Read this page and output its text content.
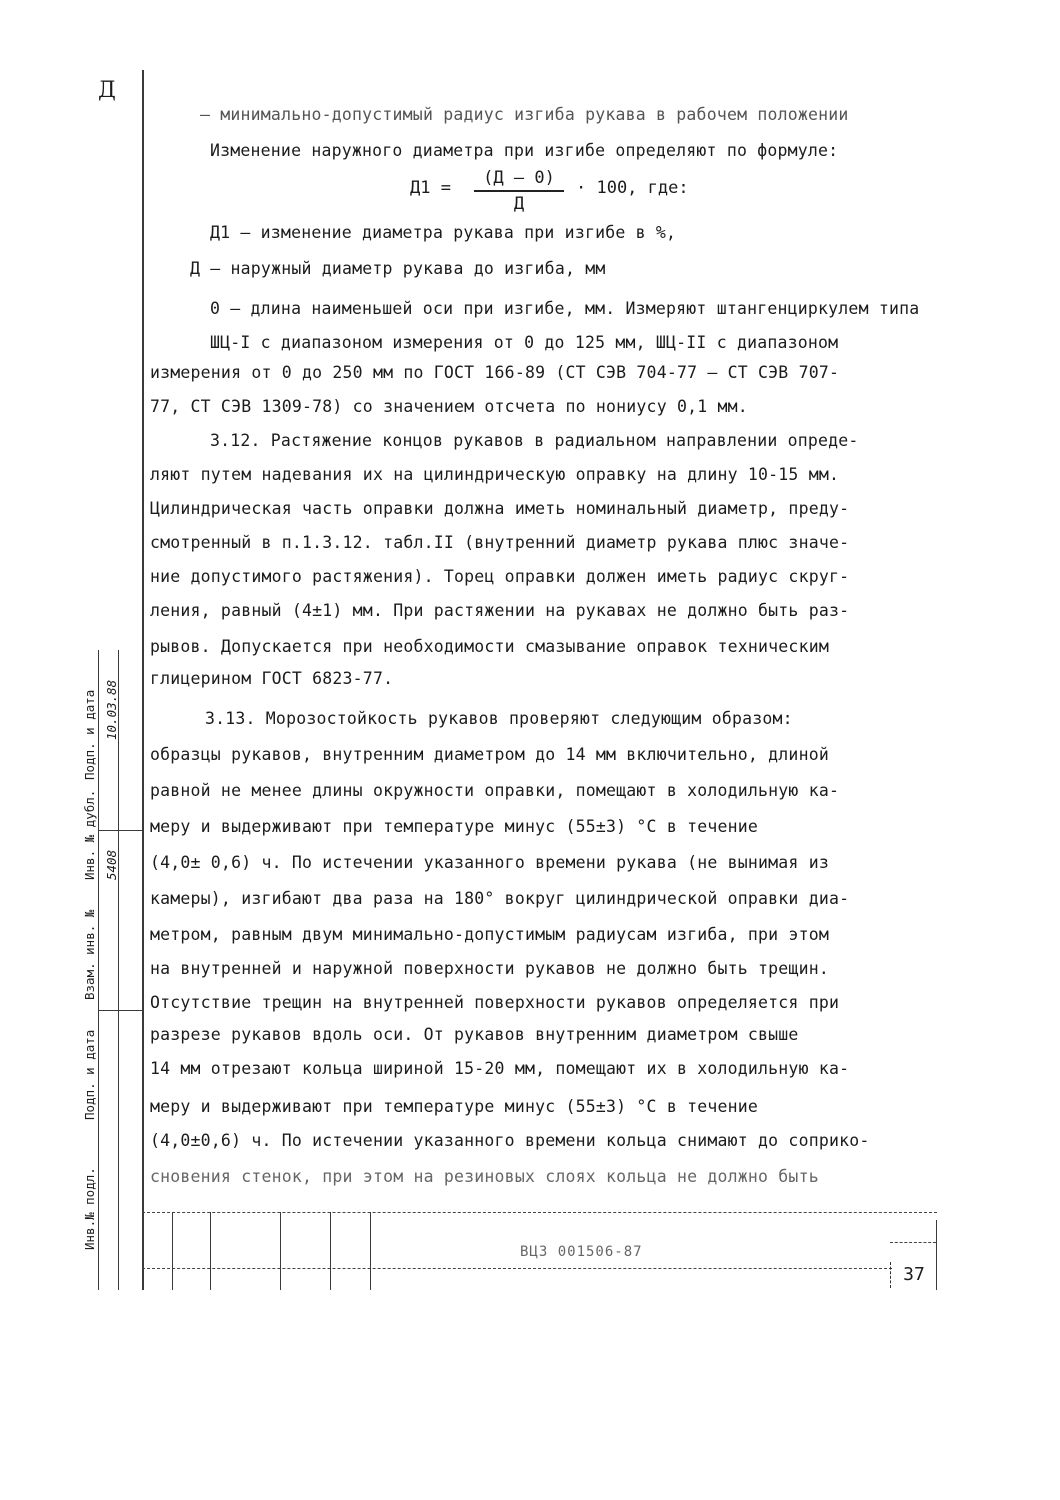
Д
– минимально-допустимый радиус изгиба рукава в рабочем положении
Изменение наружного диаметра при изгибе определяют по формуле:
Д1 =	(Д – 0)
Д
· 100, где:
Д1 – изменение диаметра рукава при изгибе в %,
Д – наружный диаметр рукава до изгиба, мм
0 – длина наименьшей оси при изгибе, мм. Измеряют штангенциркулем типа ШЦ-I с диапазоном измерения от 0 до 125 мм, ШЦ-II с диапазоном
измерения от 0 до 250 мм по ГОСТ 166-89 (СТ СЭВ 704-77 – СТ СЭВ 707-
77, СТ СЭВ 1309-78) со значением отсчета по нониусу 0,1 мм.
3.12. Растяжение концов рукавов в радиальном направлении опреде-
ляют путем надевания их на цилиндрическую оправку на длину 10-15 мм.
Цилиндрическая часть оправки должна иметь номинальный диаметр, преду-
смотренный в п.1.3.12. табл.II (внутренний диаметр рукава плюс значе-
ние допустимого растяжения). Торец оправки должен иметь радиус скруг-
ления, равный (4±1) мм. При растяжении на рукавах не должно быть раз-
рывов. Допускается при необходимости смазывание оправок техническим
глицерином ГОСТ 6823-77.
3.13. Морозостойкость рукавов проверяют следующим образом:
образцы рукавов, внутренним диаметром до 14 мм включительно, длиной
равной не менее длины окружности оправки, помещают в холодильную ка-
меру и выдерживают при температуре минус (55±3) °С в течение
(4,0± 0,6) ч. По истечении указанного времени рукава (не вынимая из
камеры), изгибают два раза на 180° вокруг цилиндрической оправки диа-
метром, равным двум минимально-допустимым радиусам изгиба, при этом
на внутренней и наружной поверхности рукавов не должно быть трещин.
Отсутствие трещин на внутренней поверхности рукавов определяется при
разрезе рукавов вдоль оси. От рукавов внутренним диаметром свыше
14 мм отрезают кольца шириной 15-20 мм, помещают их в холодильную ка-
меру и выдерживают при температуре минус (55±3) °С в течение
(4,0±0,6) ч. По истечении указанного времени кольца снимают до соприко-
сновения стенок, при этом на резиновых слоях кольца не должно быть
Инв.№ подл.
Подп. и дата
Взам. инв. №
Инв. № дубл.
Подп. и дата 10.03.88
5408
ВЦЗ 001506-87
37
